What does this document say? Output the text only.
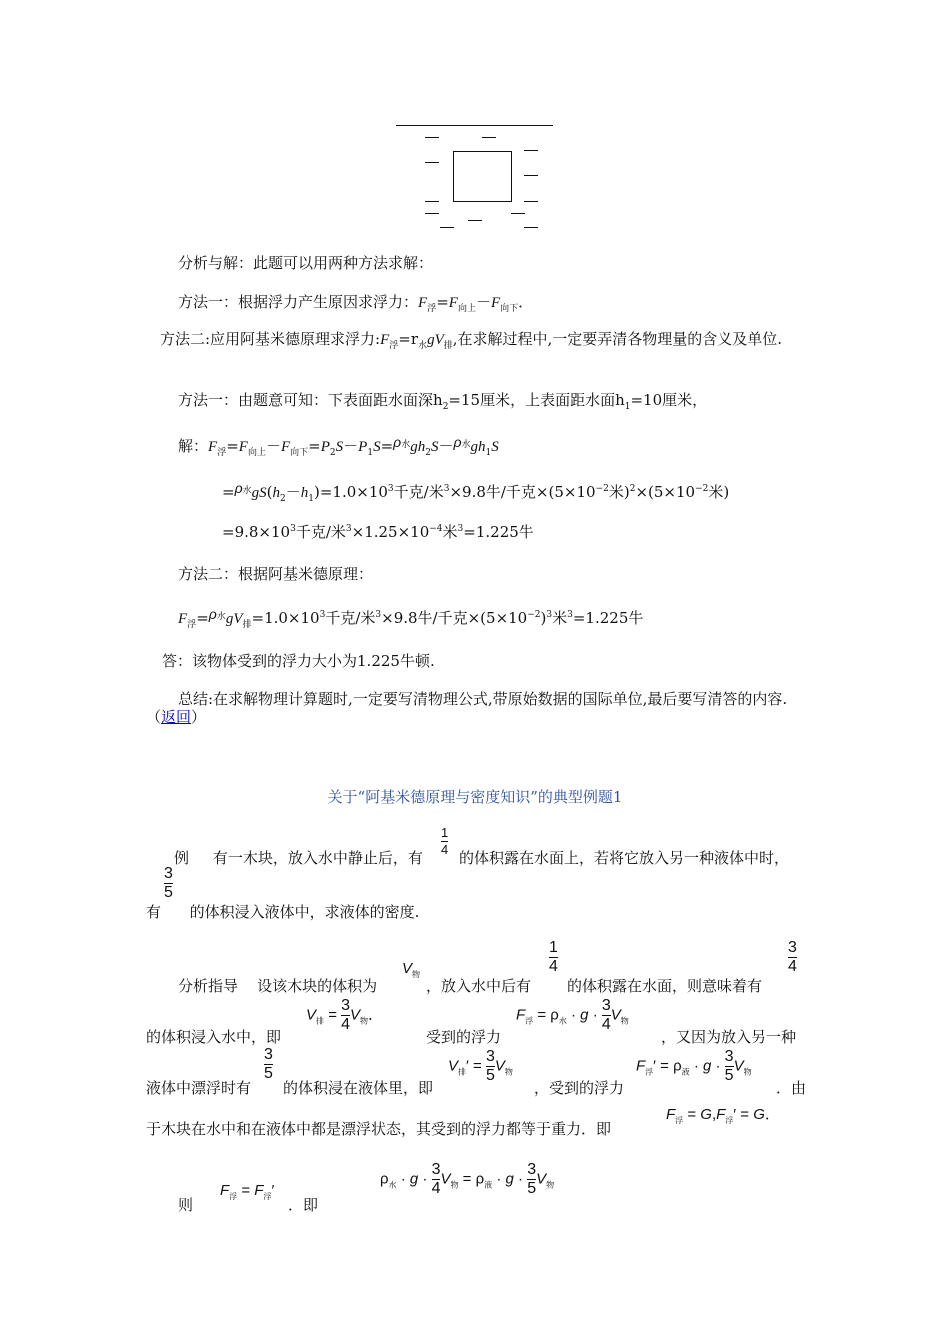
分析与解：此题可以用两种方法求解：
方法一：根据浮力产生原因求浮力：$F_浮=F_{向上}-F_{向下}$．
方法二:应用阿基米德原理求浮力$:F_浮=r_水gV_排$,在求解过程中,一定要弄清各物理量的含义及单位.
方法一：由题意可知：下表面距水面深$h_2=15$厘米，上表面距水面$h_1=10$厘米，
解：$F_浮=F_{向上}-F_{向下}=P_2S-P_1S=\rho$水$gh_2S-\rho$水$gh_1S$
=ρ水$gS(h_2-h_1)=1.0\times 10^3$千克/米$^3$×9.8牛/千克$\times(5\times 10^{-2}$米)$^2\times(5\times 10^{-2}$米)
$=9.8\times 10^3$千克/米$^3\times 1.25\times 10^{-4}$米$^3$=1.225牛
方法二：根据阿基米德原理：
$F_浮=\rho$水$gV_排=1.0\times 10^3$千克/米$^3$×9.8牛/千克$\times(5\times 10^{-2})^3$米$^3$=1.225牛
答：该物体受到的浮力大小为1.225牛顿.
总结:在求解物理计算题时,一定要写清物理公式,带原始数据的国际单位,最后要写清答的内容. （返回）
关于“阿基米德原理与密度知识”的典型例题1
例 有一木块，放入水中静止后，有
$\frac{1}{4}$
的体积露在水面上，若将它放入另一种液体中时，
$\frac{3}{5}$
有 的体积浸入液体中，求液体的密度.
分析指导 设该木块的体积为
$V_物$
，放入水中后有
$\frac{1}{4}$
的体积露在水面，则意味着有
$\frac{3}{4}$
的体积浸入水中，即
$V_排 = \frac{3}{4} V_物$．
受到的浮力
$F_浮 = \rho_水 \cdot g \cdot \frac{3}{4} V_物$
，又因为放入另一种
液体中漂浮时有
$\frac{3}{5}$
的体积浸在液体里，即
$V_排' = \frac{3}{5} V_物$
，受到的浮力
$F_浮' = \rho_液 \cdot g \cdot \frac{3}{5} V_物$
．由
于木块在水中和在液体中都是漂浮状态，其受到的浮力都等于重力．即
$F_浮 = G,F_浮' = G$．
则
$F_浮 = F_浮'$
．即
$\rho_水 \cdot g \cdot \frac{3}{4} V_物 = \rho_液 \cdot g \cdot \frac{3}{5} V_物$
